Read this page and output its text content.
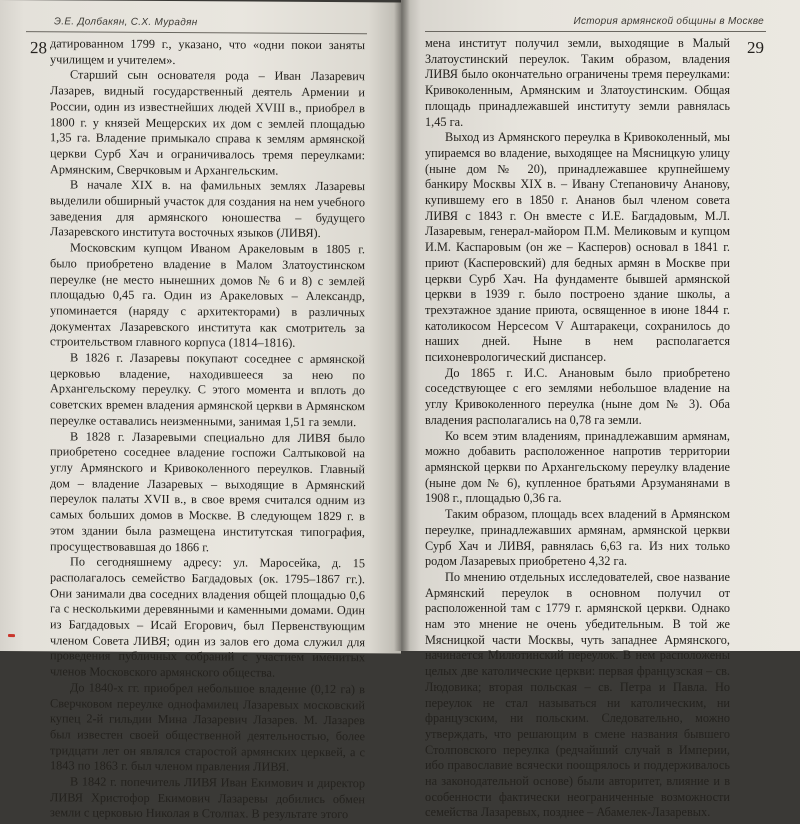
Э.Е. Долбакян, С.Х. Мурадян
28 датированном 1799 г., указано, что «одни покои заняты училищем и учителем».

Старший сын основателя рода – Иван Лазаревич Лазарев, видный государственный деятель Армении и России, один из известнейших людей XVIII в., приобрел в 1800 г. у князей Мещерских их дом с землей площадью 1,35 га. Владение примыкало справа к землям армянской церкви Сурб Хач и ограничивалось тремя переулками: Армянским, Сверчковым и Архангельским.

В начале XIX в. на фамильных землях Лазаревы выделили обширный участок для создания на нем учебного заведения для армянского юношества – будущего Лазаревского института восточных языков (ЛИВЯ).

Московским купцом Иваном Аракеловым в 1805 г. было приобретено владение в Малом Златоустинском переулке (не место нынешних домов № 6 и 8) с землей площадью 0,45 га. Один из Аракеловых – Александр, упоминается (наряду с архитекторами) в различных документах Лазаревского института как смотритель за строительством главного корпуса (1814–1816).

В 1826 г. Лазаревы покупают соседнее с армянской церковью владение, находившееся за нею по Архангельскому переулку. С этого момента и вплоть до советских времен владения армянской церкви в Армянском переулке оставались неизменными, занимая 1,51 га земли.

В 1828 г. Лазаревыми специально для ЛИВЯ было приобретено соседнее владение госпожи Салтыковой на углу Армянского и Кривоколенного переулков. Главный дом – владение Лазаревых – выходящие в Армянский переулок палаты XVII в., в свое время считался одним из самых больших домов в Москве. В следующем 1829 г. в этом здании была размещена институтская типография, просуществовавшая до 1866 г.

По сегодняшнему адресу: ул. Маросейка, д. 15 располагалось семейство Багдадовых (ок. 1795–1867 гг.). Они занимали два соседних владения общей площадью 0,6 га с несколькими деревянными и каменными домами. Один из Багдадовых – Исай Егорович, был Первенствующим членом Совета ЛИВЯ; один из залов его дома служил для проведения публичных собраний с участием именитых членов Московского армянского общества.

До 1840-х гг. приобрел небольшое владение (0,12 га) в Сверчковом переулке однофамилец Лазаревых московский купец 2-й гильдии Мина Лазаревич Лазарев. М. Лазарев был известен своей общественной деятельностью, более тридцати лет он являлся старостой армянских церквей, а с 1843 по 1863 г. был членом правления ЛИВЯ.

В 1842 г. попечитель ЛИВЯ Иван Екимович и директор ЛИВЯ Христофор Екимович Лазаревы добились обмен земли с церковью Николая в Столпах. В результате этого

История армянской общины в Москве
29

мена институт получил земли, выходящие в Малый Златоустинский переулок. Таким образом, владения ЛИВЯ было окончательно ограничены тремя переулками: Кривоколенным, Армянским и Златоустинским. Общая площадь принадлежавшей институту земли равнялась 1,45 га.

Выход из Армянского переулка в Кривоколенный, мы упираемся во владение, выходящее на Мясницкую улицу (ныне дом № 20), принадлежавшее крупнейшему банкиру Москвы XIX в. – Ивану Степановичу Ананову, купившему его в 1850 г. Ананов был членом совета ЛИВЯ с 1843 г. Он вместе с И.Е. Багдадовым, М.Л. Лазаревым, генерал-майором П.М. Меликовым и купцом И.М. Каспаровым (он же – Касперов) основал в 1841 г. приют (Касперовский) для бедных армян в Москве при церкви Сурб Хач. На фундаменте бывшей армянской церкви в 1939 г. было построено здание школы, а трехэтажное здание приюта, освященное в июне 1844 г. католикосом Нерсесом V Аштаракеци, сохранилось до наших дней. Ныне в нем располагается психоневрологический диспансер.

До 1865 г. И.С. Анановым было приобретено соседствующее с его землями небольшое владение на углу Кривоколенного переулка (ныне дом № 3). Оба владения располагались на 0,78 га земли.

Ко всем этим владениям, принадлежавшим армянам, можно добавить расположенное напротив территории армянской церкви по Архангельскому переулку владение (ныне дом № 6), купленное братьями Арзуманянами в 1908 г., площадью 0,36 га.

Таким образом, площадь всех владений в Армянском переулке, принадлежавших армянам, армянской церкви Сурб Хач и ЛИВЯ, равнялась 6,63 га. Из них только родом Лазаревых приобретено 4,32 га.

По мнению отдельных исследователей, свое название Армянский переулок в основном получил от расположенной там с 1779 г. армянской церкви. Однако нам это мнение не очень убедительным. В той же Мясницкой части Москвы, чуть западнее Армянского, начинается Милютинский переулок. В нем расположены целых две католические церкви: первая французская – св. Людовика; вторая польская – св. Петра и Павла. Но переулок не стал называться ни католическим, ни французским, ни польским. Следовательно, можно утверждать, что решающим в смене названия бывшего Столповского переулка (редчайший случай в Империи, ибо православие всячески поощрялось и поддерживалось на законодательной основе) были авторитет, влияние и в особенности фактически неограниченные возможности семейства Лазаревых, позднее – Абамелек-Лазаревых.
